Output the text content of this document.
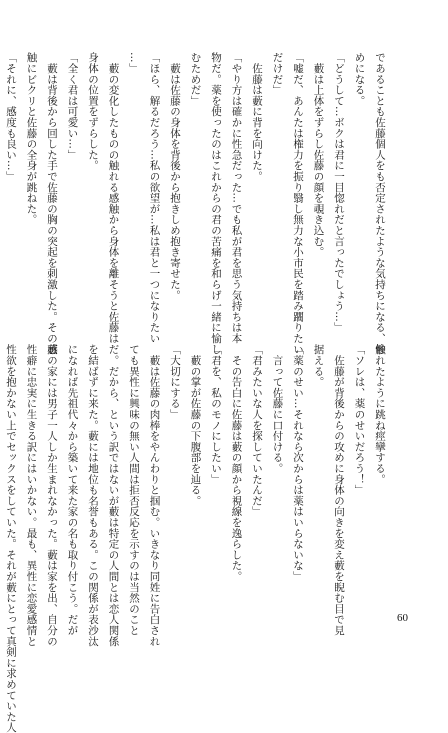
であることも佐藤個人をも否定されたような気持ちになる、惨

めになる。

「どうして…ボクは君に一目惚れだと言ったでしょう…」

　藪は上体をずらし佐藤の顔を覗き込む。

「嘘だ、あんたは権力を振り翳し無力な小市民を踏み躙りたい

だけだ」

　佐藤は藪に背を向けた。

「やり方は確かに性急だった…でも私が君を思う気持ちは本

物だ。薬を使ったのはこれからの君の苦痛を和らげ一緒に愉し

むためだ」

　藪は佐藤の身体を背後から抱きしめ抱き寄せた。

「ほら、解るだろう…私の欲望が…私は君と一つになりたい

…」

　藪の変化したものの触れる感触から身体を離そうと佐藤は

身体の位置をずらした。

「全く君は可愛い…」

　藪は背後から回した手で佐藤の胸の突起を刺激した。その感

触にビクリと佐藤の全身が跳ねた。

「それに、感度も良い…」

触れたように跳ね痙攣する。

「ソレは、薬のせいだろう！」

　佐藤が背後からの攻めに身体の向きを変え藪を睨む目で見

据える。

「薬のせい…それなら次からは薬はいらないな」

　言って佐藤に口付ける。

「君みたいな人を探していたんだ」

　その告白に佐藤は藪の顔から視線を逸らした。

「君を、私のモノにしたい」

　藪の掌が佐藤の下腹部を辿る。

「大切にする」

　藪は佐藤の肉棒をやんわりと掴む。いきなり同姓に告白され

ても異性に興味の無い人間は拒否反応を示すのは当然のこと

だ。だから、という訳ではないが藪は特定の人間とは恋人関係

を結ばずに来た。藪には地位も名誉もある。この関係が表沙汰

になれば先祖代々から築いて来た家の名も取り付こう。だが

藪の家には男子一人しか生まれなかった。藪は家を出、自分の

性癖に忠実に生きる訳にはいかない。最も、異性に恋愛感情と

性欲を抱かない上でセックスをしていた。それが藪にとって真剣に求めていた人	60
